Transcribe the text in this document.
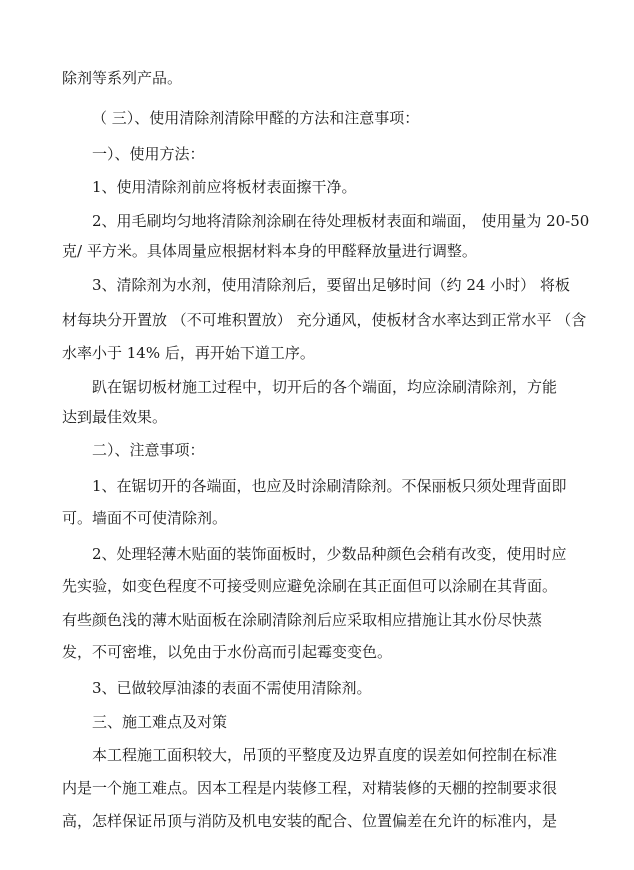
除剂等系列产品。
（ 三）、使用清除剂清除甲醛的方法和注意事项：
一）、使用方法：
1、使用清除剂前应将板材表面擦干净。
2、用毛刷均匀地将清除剂涂刷在待处理板材表面和端面， 使用量为 20-50
克/ 平方米。具体周量应根据材料本身的甲醛释放量进行调整。
3、清除剂为水剂，使用清除剂后，要留出足够时间（约 24 小时） 将板
材每块分开置放 （不可堆积置放） 充分通风，使板材含水率达到正常水平 （含
水率小于 14% 后，再开始下道工序。
趴在锯切板材施工过程中，切开后的各个端面，均应涂刷清除剂，方能
达到最佳效果。
二）、注意事项：
1、在锯切开的各端面，也应及时涂刷清除剂。不保丽板只须处理背面即
可。墙面不可使清除剂。
2、处理轻薄木贴面的装饰面板时，少数品种颜色会稍有改变，使用时应
先实验，如变色程度不可接受则应避免涂刷在其正面但可以涂刷在其背面。
有些颜色浅的薄木贴面板在涂刷清除剂后应采取相应措施让其水份尽快蒸
发，不可密堆，以免由于水份高而引起霉变变色。
3、已做较厚油漆的表面不需使用清除剂。
三、施工难点及对策
本工程施工面积较大，吊顶的平整度及边界直度的误差如何控制在标准
内是一个施工难点。因本工程是内装修工程，对精装修的天棚的控制要求很
高，怎样保证吊顶与消防及机电安装的配合、位置偏差在允许的标准内，是
